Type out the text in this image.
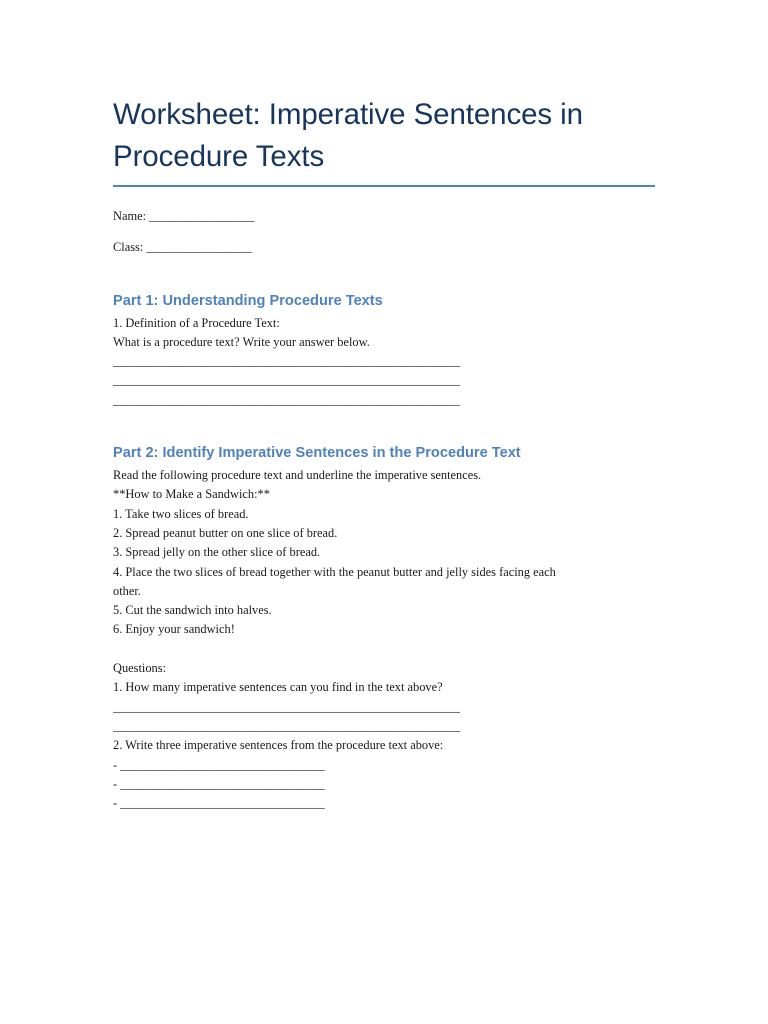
Worksheet: Imperative Sentences in
Procedure Texts

Name: _________________

Class: _________________

Part 1: Understanding Procedure Texts

1. Definition of a Procedure Text:

What is a procedure text? Write your answer below.

________________________________________________________

________________________________________________________

________________________________________________________

Part 2: Identify Imperative Sentences in the Procedure Text

Read the following procedure text and underline the imperative sentences.

**How to Make a Sandwich:**

1. Take two slices of bread.

2. Spread peanut butter on one slice of bread.

3. Spread jelly on the other slice of bread.

4. Place the two slices of bread together with the peanut butter and jelly sides facing each

other.

5. Cut the sandwich into halves.

6. Enjoy your sandwich!

Questions:

1. How many imperative sentences can you find in the text above?

________________________________________________________

________________________________________________________

2. Write three imperative sentences from the procedure text above:

- _________________________________

- _________________________________

- _________________________________
